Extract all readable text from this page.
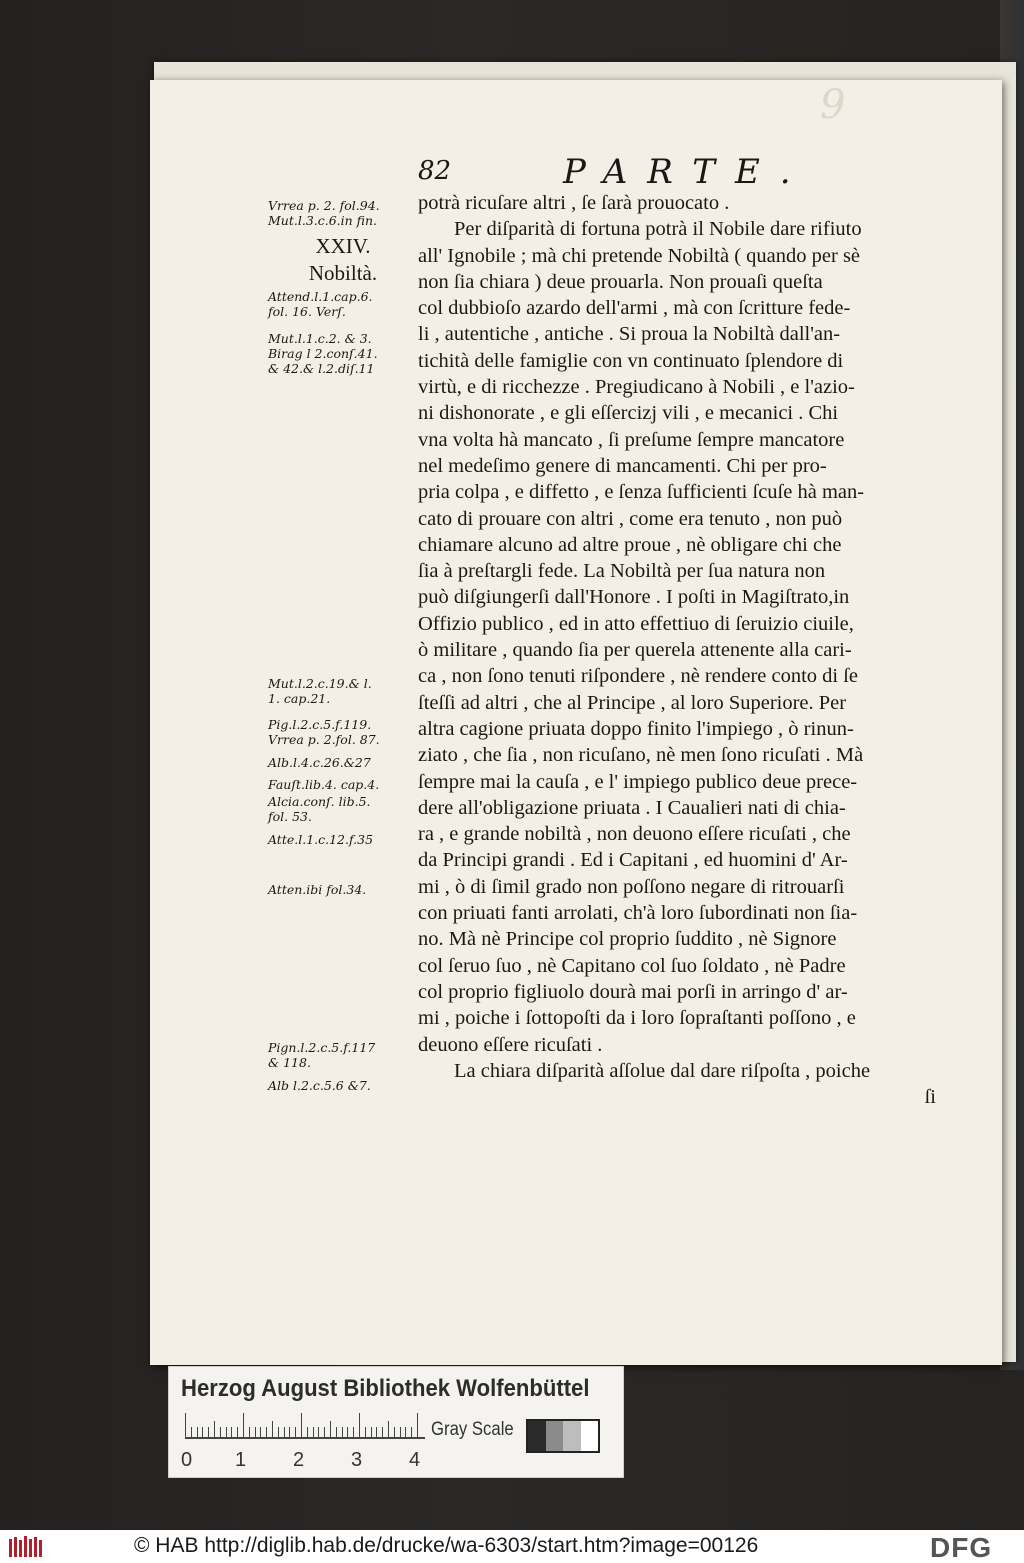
9
82	PARTE.
Vrrea p. 2. fol.94.
Mut.l.3.c.6.in fin.
XXIV.
Nobiltà.
Attend.l.1.cap.6.
fol. 16. Verſ.
Mut.l.1.c.2. & 3.
Birag l 2.conſ.41.
& 42.& l.2.diſ.11
Mut.l.2.c.19.& l.
1. cap.21.
Pig.l.2.c.5.f.119.
Vrrea p. 2.fol. 87.
Alb.l.4.c.26.&27
Fauſt.lib.4. cap.4.
Alcia.conſ. lib.5.
fol. 53.
Atte.l.1.c.12.f.35
Atten.ibi fol.34.
Pign.l.2.c.5.f.117
& 118.
Alb l.2.c.5.6 &7.
potrà ricuſare altri , ſe ſarà prouocato .
Per diſparità di fortuna potrà il Nobile dare rifiuto
all' Ignobile ; mà chi pretende Nobiltà ( quando per sè
non ſia chiara ) deue prouarla. Non prouaſi queſta
col dubbioſo azardo dell'armi , mà con ſcritture fede-
li , autentiche , antiche . Si proua la Nobiltà dall'an-
tichità delle famiglie con vn continuato ſplendore di
virtù, e di ricchezze . Pregiudicano à Nobili , e l'azio-
ni dishonorate , e gli eſſercizj vili , e mecanici . Chi
vna volta hà mancato , ſi preſume ſempre mancatore
nel medeſimo genere di mancamenti. Chi per pro-
pria colpa , e diffetto , e ſenza ſufficienti ſcuſe hà man-
cato di prouare con altri , come era tenuto , non può
chiamare alcuno ad altre proue , nè obligare chi che
ſia à preſtargli fede. La Nobiltà per ſua natura non
può diſgiungerſi dall'Honore . I poſti in Magiſtrato,in
Offizio publico , ed in atto effettiuo di ſeruizio ciuile,
ò militare , quando ſia per querela attenente alla cari-
ca , non ſono tenuti riſpondere , nè rendere conto di ſe
ſteſſi ad altri , che al Principe , al loro Superiore. Per
altra cagione priuata doppo finito l'impiego , ò rinun-
ziato , che ſia , non ricuſano, nè men ſono ricuſati . Mà
ſempre mai la cauſa , e l' impiego publico deue prece-
dere all'obligazione priuata . I Caualieri nati di chia-
ra , e grande nobiltà , non deuono eſſere ricuſati , che
da Principi grandi . Ed i Capitani , ed huomini d' Ar-
mi , ò di ſimil grado non poſſono negare di ritrouarſi
con priuati fanti arrolati, ch'à loro ſubordinati non ſia-
no. Mà nè Principe col proprio ſuddito , nè Signore
col ſeruo ſuo , nè Capitano col ſuo ſoldato , nè Padre
col proprio figliuolo dourà mai porſi in arringo d' ar-
mi , poiche i ſottopoſti da i loro ſopraſtanti poſſono , e
deuono eſſere ricuſati .
La chiara diſparità aſſolue dal dare riſpoſta , poiche
ſi
Herzog August Bibliothek Wolfenbüttel
0 1 2 3 4
Gray Scale
© HAB http://diglib.hab.de/drucke/wa-6303/start.htm?image=00126	DFG
